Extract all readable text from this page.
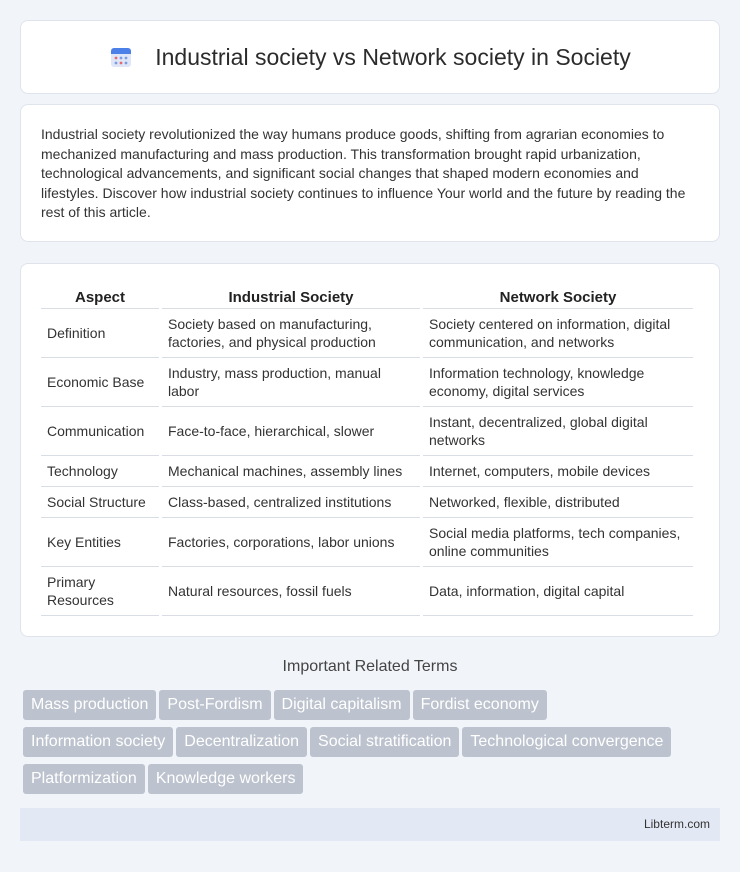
Industrial society vs Network society in Society

Industrial society revolutionized the way humans produce goods, shifting from agrarian economies to mechanized manufacturing and mass production. This transformation brought rapid urbanization, technological advancements, and significant social changes that shaped modern economies and lifestyles. Discover how industrial society continues to influence Your world and the future by reading the rest of this article.

Aspect	Industrial Society	Network Society
Definition	Society based on manufacturing, factories, and physical production	Society centered on information, digital communication, and networks
Economic Base	Industry, mass production, manual labor	Information technology, knowledge economy, digital services
Communication	Face-to-face, hierarchical, slower	Instant, decentralized, global digital networks
Technology	Mechanical machines, assembly lines	Internet, computers, mobile devices
Social Structure	Class-based, centralized institutions	Networked, flexible, distributed
Key Entities	Factories, corporations, labor unions	Social media platforms, tech companies, online communities
Primary Resources	Natural resources, fossil fuels	Data, information, digital capital
Important Related Terms
Mass production Post-Fordism Digital capitalism Fordist economy
Information society Decentralization Social stratification Technological convergence
Platformization Knowledge workers
Libterm.com
